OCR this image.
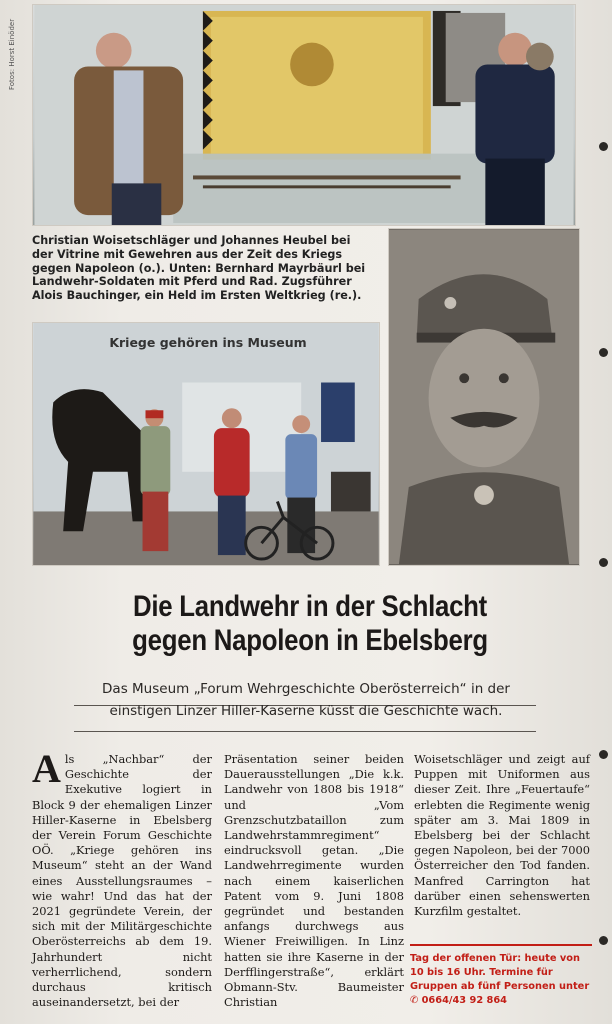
Fotos: Horst Einöder
Christian Woisetschläger und Johannes Heubel bei der Vitrine mit Gewehren aus der Zeit des Kriegs gegen Napoleon (o.). Unten: Bernhard Mayrbäurl bei Landwehr-Soldaten mit Pferd und Rad. Zugsführer Alois Bauchinger, ein Held im Ersten Weltkrieg (re.).
Kriege gehören ins Museum
Die Landwehr in der Schlacht
gegen Napoleon in Ebelsberg
Das Museum „Forum Wehrgeschichte Oberösterreich“ in der
einstigen Linzer Hiller-Kaserne küsst die Geschichte wach.
A ls „Nachbar“ der Geschichte der Exekutive logiert in Block 9 der ehemaligen Linzer Hiller-Kaserne in Ebelsberg der Verein Forum Geschichte OÖ. „Kriege gehören ins Museum“ steht an der Wand eines Ausstellungsraumes – wie wahr! Und das hat der 2021 gegründete Verein, der sich mit der Militärgeschichte Oberösterreichs ab dem 19. Jahrhundert nicht verherrlichend, sondern durchaus kritisch auseinandersetzt, bei der
Präsentation seiner beiden Dauerausstellungen „Die k.k. Landwehr von 1808 bis 1918“ und „Vom Grenzschutzbataillon zum Landwehrstammregiment“ eindrucksvoll getan. „Die Landwehrregimente wurden nach einem kaiserlichen Patent vom 9. Juni 1808 gegründet und bestanden anfangs durchwegs aus Wiener Freiwilligen. In Linz hatten sie ihre Kaserne in der Derfflingerstraße“, erklärt Obmann-Stv. Baumeister Christian
Woisetschläger und zeigt auf Puppen mit Uniformen aus dieser Zeit. Ihre „Feuertaufe“ erlebten die Regimente wenig später am 3. Mai 1809 in Ebelsberg bei der Schlacht gegen Napoleon, bei der 7000 Österreicher den Tod fanden. Manfred Carrington hat darüber einen sehenswerten Kurzfilm gestaltet.
Tag der offenen Tür: heute von 10 bis 16 Uhr. Termine für Gruppen ab fünf Personen unter ✆ 0664/43 92 864
